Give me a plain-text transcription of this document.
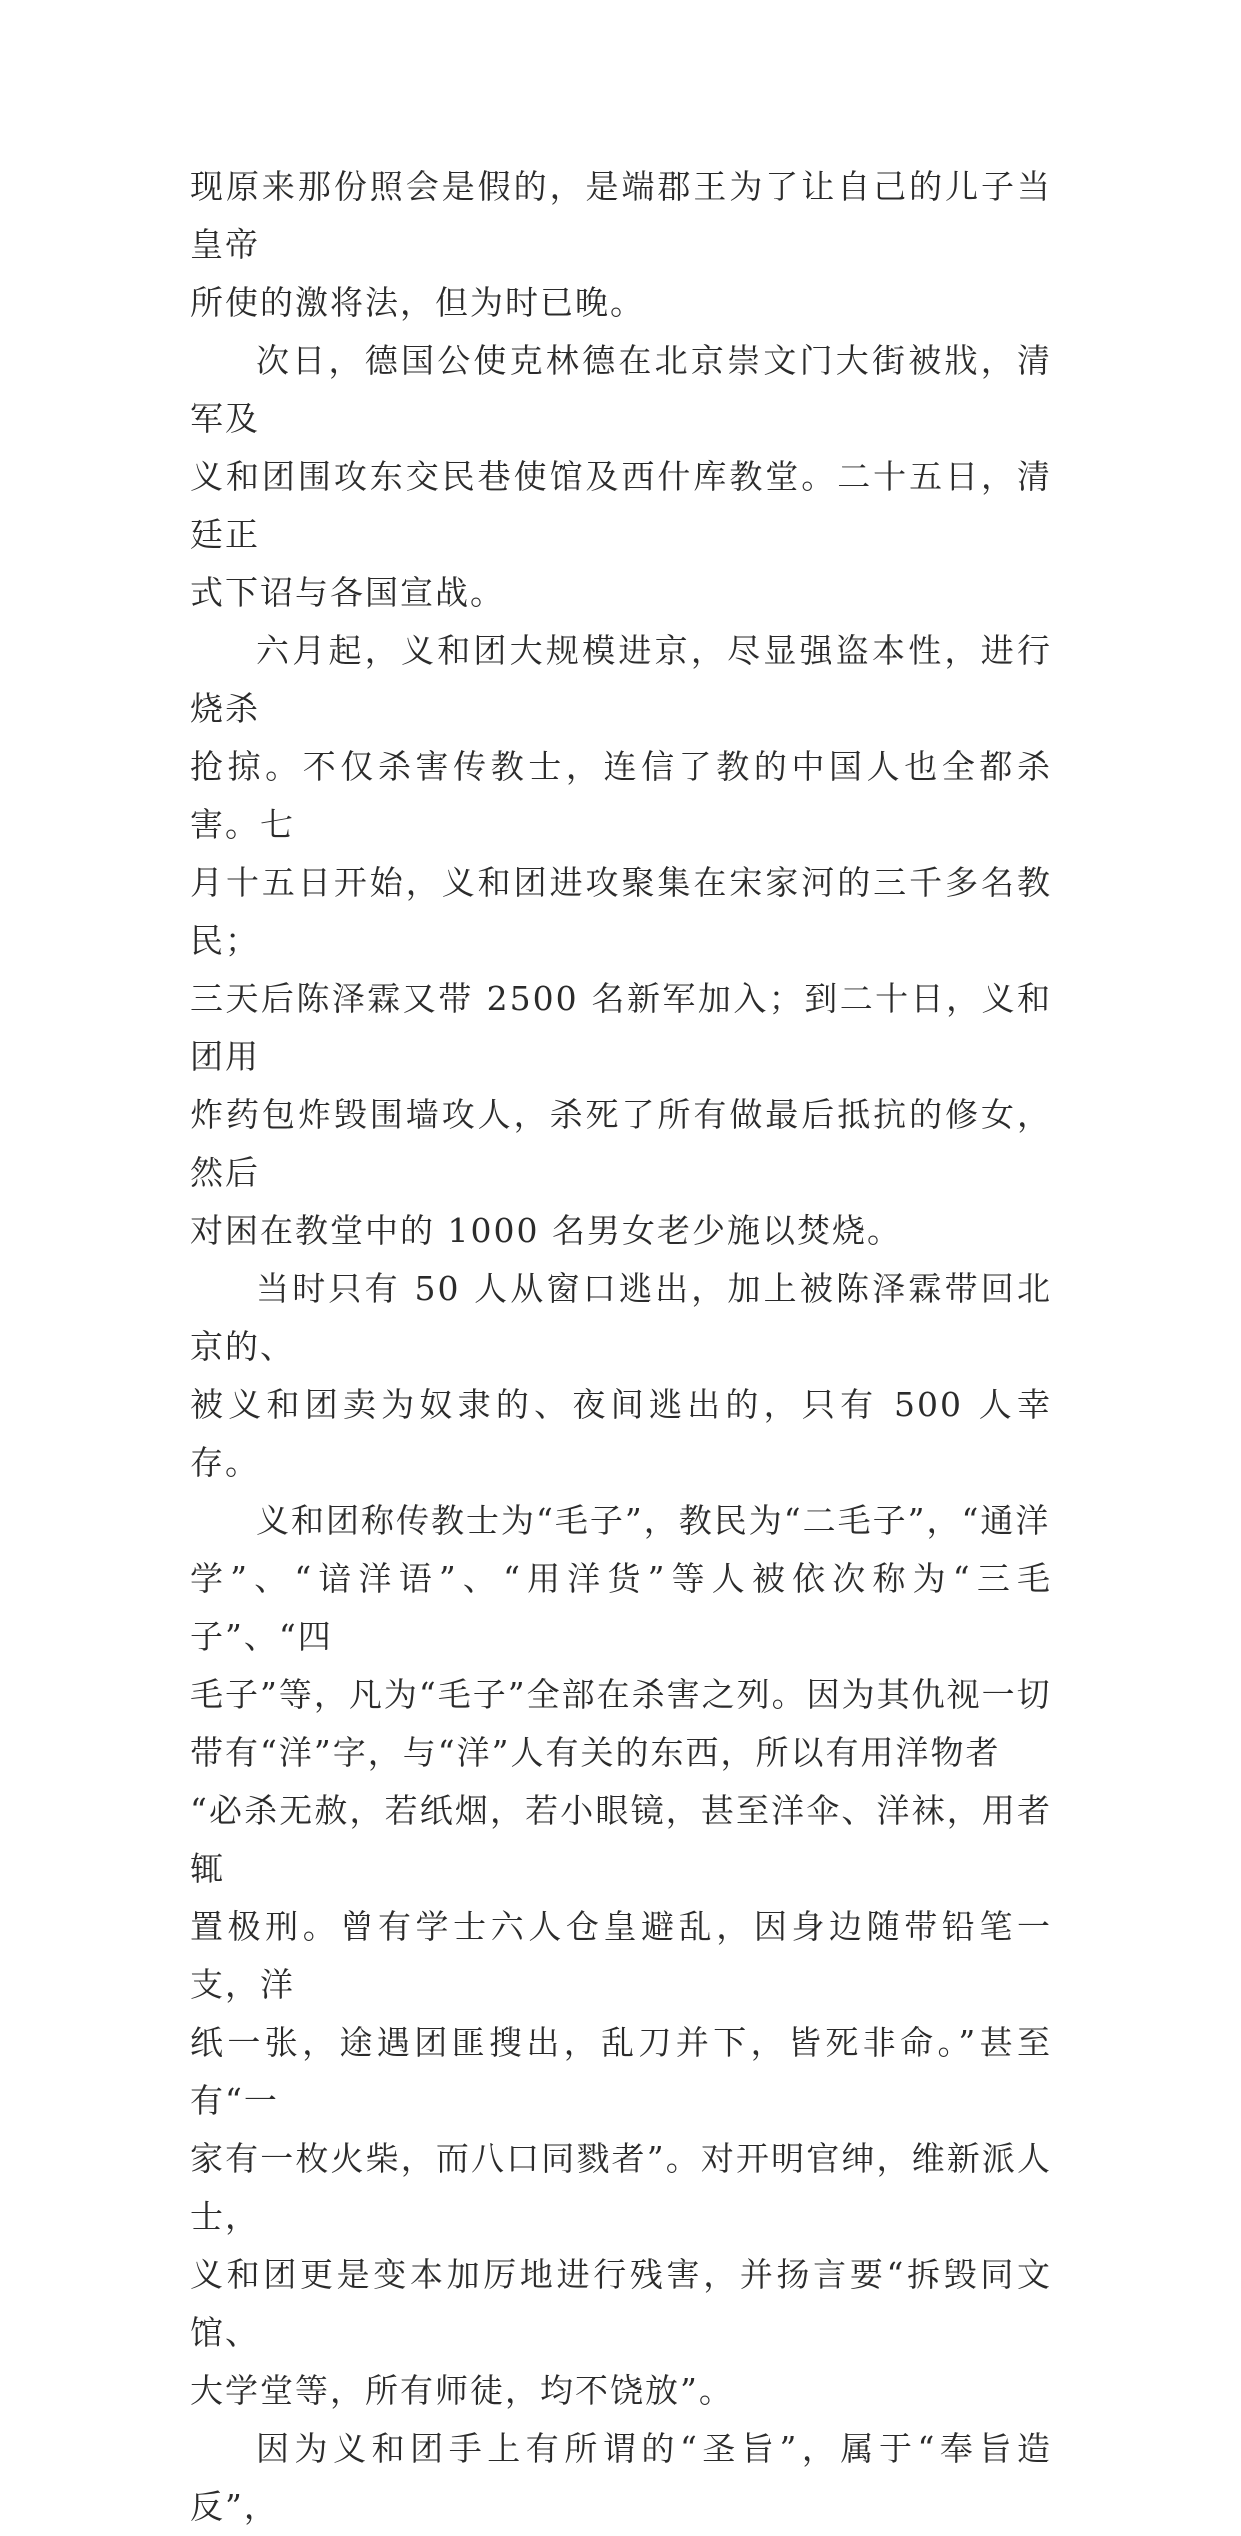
现原来那份照会是假的，是端郡王为了让自己的儿子当皇帝
所使的激将法，但为时已晚。

次日，德国公使克林德在北京崇文门大街被戕，清军及
义和团围攻东交民巷使馆及西什库教堂。二十五日，清廷正
式下诏与各国宣战。

六月起，义和团大规模进京，尽显强盗本性，进行烧杀
抢掠。不仅杀害传教士，连信了教的中国人也全都杀害。七
月十五日开始，义和团进攻聚集在宋家河的三千多名教民；
三天后陈泽霖又带 2500 名新军加入；到二十日，义和团用
炸药包炸毁围墙攻人，杀死了所有做最后抵抗的修女，然后
对困在教堂中的 1000 名男女老少施以焚烧。

当时只有 50 人从窗口逃出，加上被陈泽霖带回北京的、
被义和团卖为奴隶的、夜间逃出的，只有 500 人幸存。

义和团称传教士为“毛子”，教民为“二毛子”，“通洋
学”、“谙洋语”、“用洋货”等人被依次称为“三毛子”、“四
毛子”等，凡为“毛子”全部在杀害之列。因为其仇视一切
带有“洋”字，与“洋”人有关的东西，所以有用洋物者
“必杀无赦，若纸烟，若小眼镜，甚至洋伞、洋袜，用者辄
置极刑。曾有学士六人仓皇避乱，因身边随带铅笔一支，洋
纸一张，途遇团匪搜出，乱刀并下，皆死非命。”甚至有“一
家有一枚火柴，而八口同戮者”。对开明官绅，维新派人士，
义和团更是变本加厉地进行残害，并扬言要“拆毁同文馆、
大学堂等，所有师徒，均不饶放”。

因为义和团手上有所谓的“圣旨”，属于“奉旨造反”，
